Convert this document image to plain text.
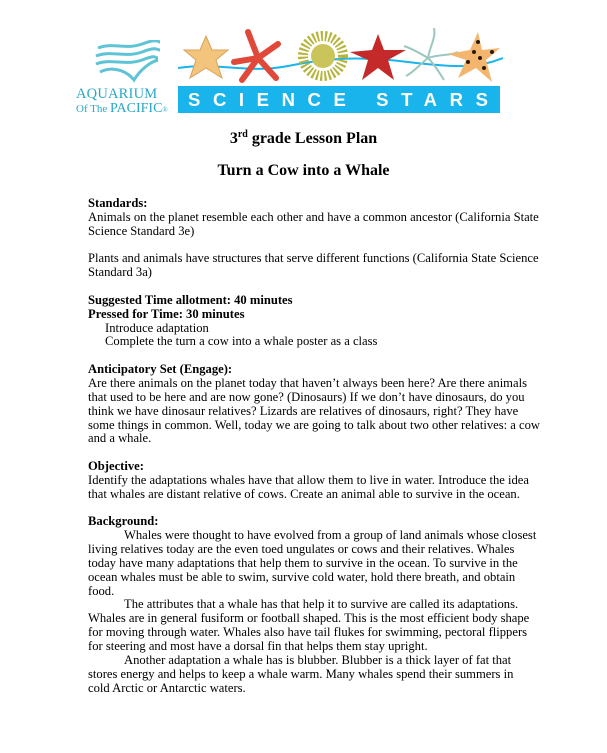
AQUARIUM
Of The PACIFIC®	SCIENCE STARS
3rd grade Lesson Plan
Turn a Cow into a Whale
Standards:
Animals on the planet resemble each other and have a common ancestor (California State
Science Standard 3e)
Plants and animals have structures that serve different functions (California State Science
Standard 3a)
Suggested Time allotment: 40 minutes
Pressed for Time: 30 minutes
Introduce adaptation
Complete the turn a cow into a whale poster as a class
Anticipatory Set (Engage):
Are there animals on the planet today that haven’t always been here? Are there animals
that used to be here and are now gone? (Dinosaurs) If we don’t have dinosaurs, do you
think we have dinosaur relatives? Lizards are relatives of dinosaurs, right? They have
some things in common. Well, today we are going to talk about two other relatives: a cow
and a whale.
Objective:
Identify the adaptations whales have that allow them to live in water. Introduce the idea
that whales are distant relative of cows. Create an animal able to survive in the ocean.
Background:
Whales were thought to have evolved from a group of land animals whose closest
living relatives today are the even toed ungulates or cows and their relatives. Whales
today have many adaptations that help them to survive in the ocean. To survive in the
ocean whales must be able to swim, survive cold water, hold there breath, and obtain
food.
The attributes that a whale has that help it to survive are called its adaptations.
Whales are in general fusiform or football shaped. This is the most efficient body shape
for moving through water. Whales also have tail flukes for swimming, pectoral flippers
for steering and most have a dorsal fin that helps them stay upright.
Another adaptation a whale has is blubber. Blubber is a thick layer of fat that
stores energy and helps to keep a whale warm. Many whales spend their summers in
cold Arctic or Antarctic waters.
